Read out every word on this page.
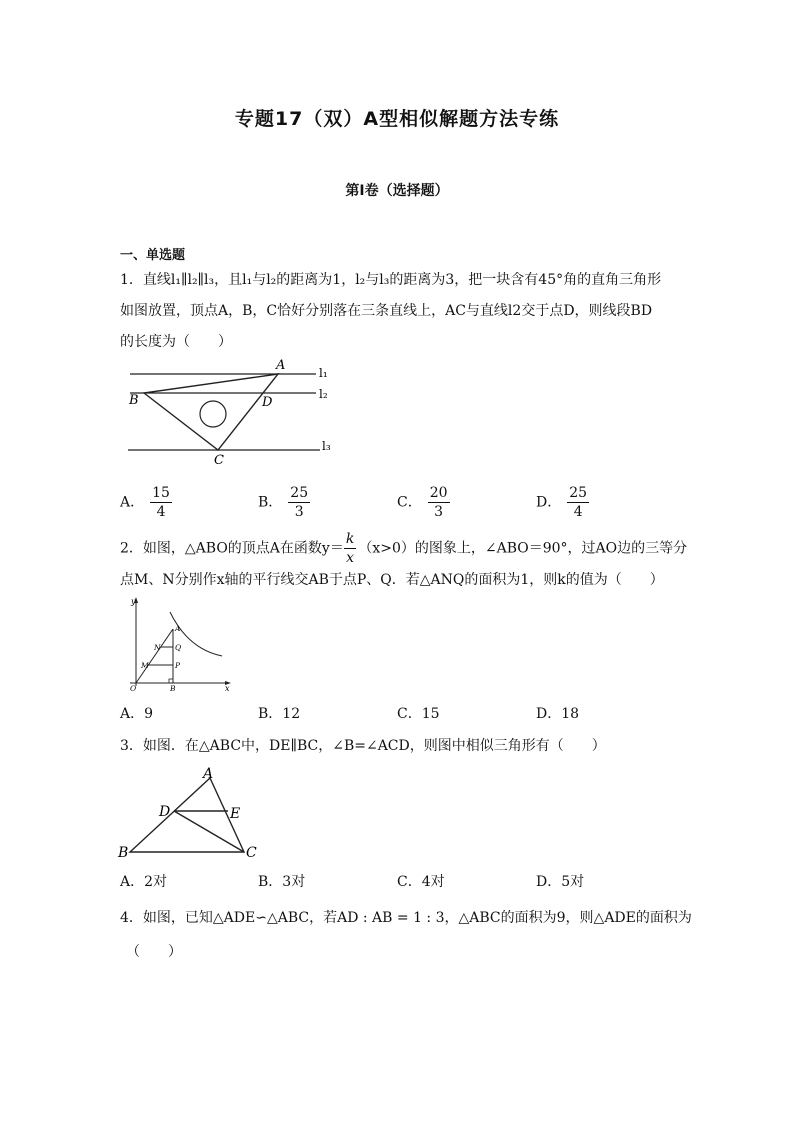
专题17（双）A型相似解题方法专练
第I卷（选择题）
一、单选题
1．直线l₁∥l₂∥l₃，且l₁与l₂的距离为1，l₂与l₃的距离为3，把一块含有45°角的直角三角形
如图放置，顶点A，B，C恰好分别落在三条直线上，AC与直线l2交于点D，则线段BD
的长度为（　　）
A
B	D
C
l₁
l₂
l₃
A． $\frac{15}{4}$	B． $\frac{25}{3}$	C． $\frac{20}{3}$	D． $\frac{25}{4}$
2．如图，△ABO的顶点A在函数$y= \frac{k}{x} (x>0)$的图象上，∠ABO＝90°，过AO边的三等分
点M、N分别作x轴的平行线交AB于点P、Q．若△ANQ的面积为1，则k的值为（　　）
y
x
A
Q
N
M	P
O	B
A．9	B．12	C．15	D．18
3．如图．在△ABC中，DE∥BC，∠B=∠ACD，则图中相似三角形有（　　）
A
D	E
B	C
A．2对	B．3对	C．4对	D．5对
4．如图，已知△ADE∽△ABC，若AD : AB = 1 : 3，△ABC的面积为9，则△ADE的面积为
（　　）
